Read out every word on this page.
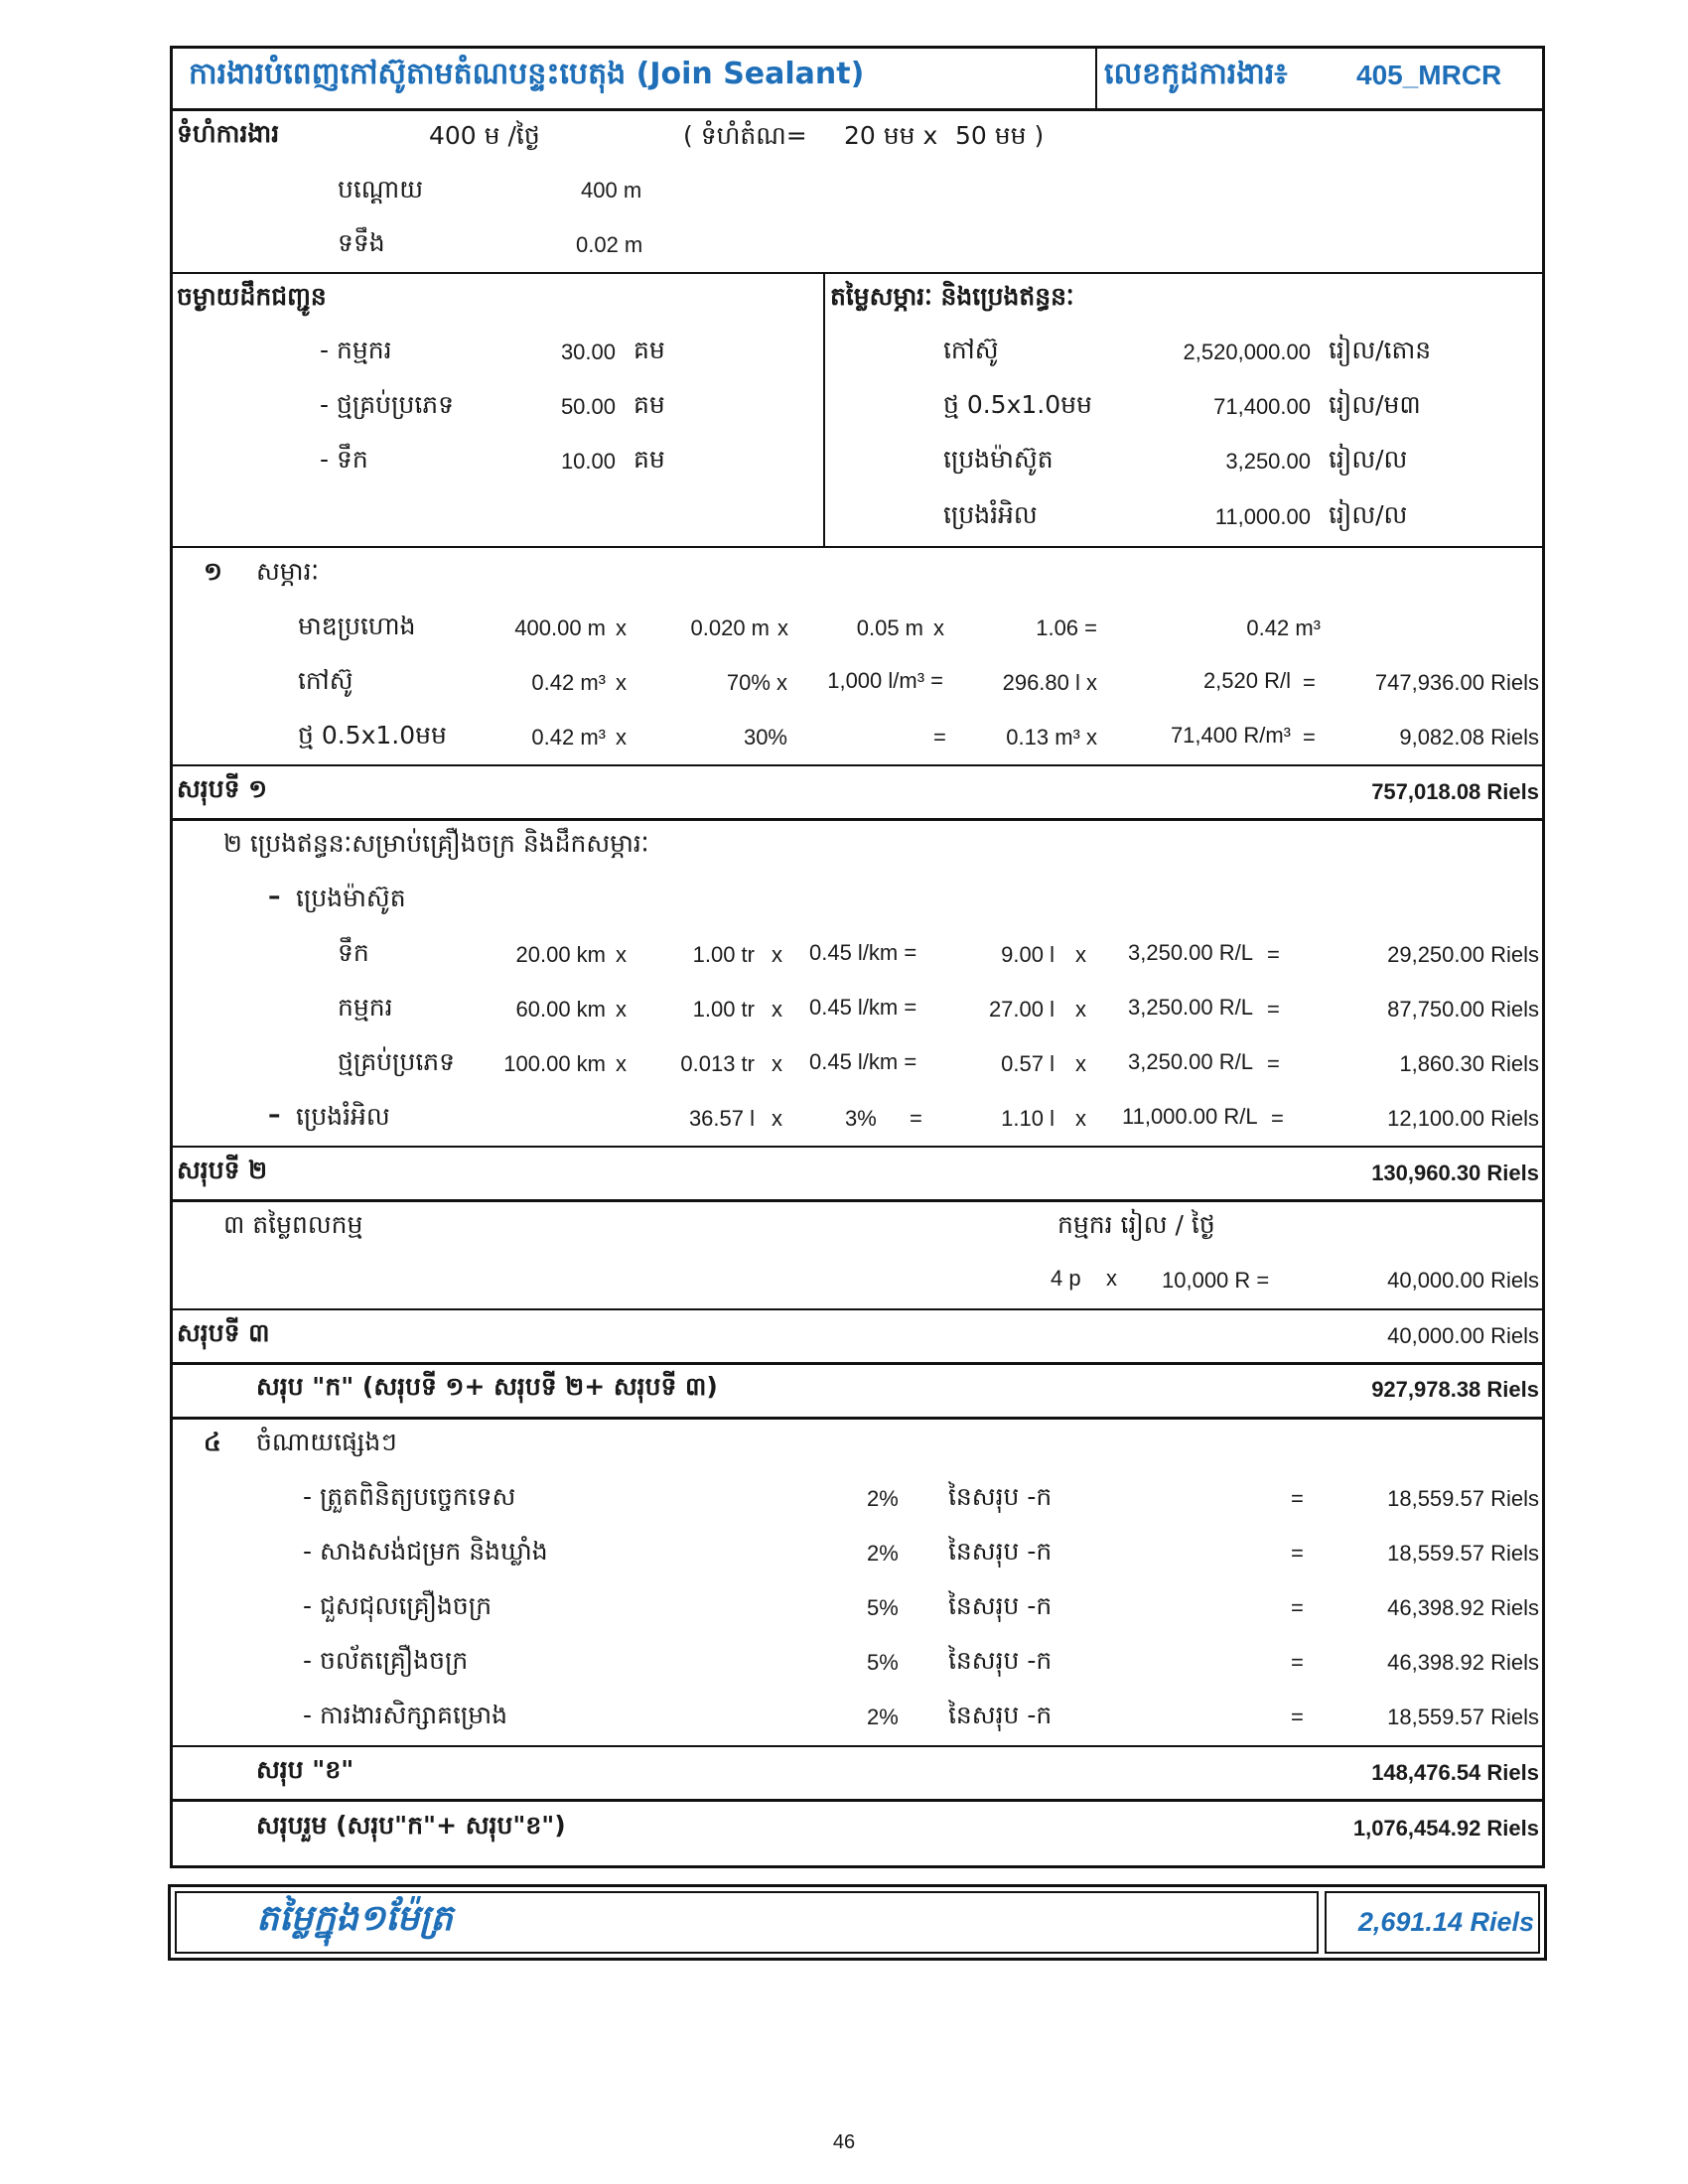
ការងារបំពេញកៅស៊ូតាមតំណបន្ទះបេតុង (Join Sealant)	លេខកូដការងារ៖ 405_MRCR
ទំហំការងារ	400 ម /ថ្ងៃ	( ទំហំតំណ= 20 មម x 50 មម )
បណ្ដោយ	400 m
ទទឹង	0.02 m
ចម្ងាយដឹកជញ្ជូន
- កម្មករ	30.00 គម
- ថ្មគ្រប់ប្រភេទ	50.00 គម
- ទឹក	10.00 គម
តម្លៃសម្ភារៈ និងប្រេងឥន្ធនៈ
កៅស៊ូ	2,520,000.00 រៀល/តោន
ថ្ម 0.5x1.0មម	71,400.00 រៀល/ម៣
ប្រេងម៉ាស៊ូត	3,250.00 រៀល/ល
ប្រេងរំអិល	11,000.00 រៀល/ល
១ សម្ភារៈ
មាឌប្រហោង	400.00 m x	0.020 m x	0.05 m x	1.06 =	0.42 m³
កៅស៊ូ	0.42 m³ x	70% x	1,000 l/m³ =	296.80 l x	2,520 R/l =	747,936.00 Riels
ថ្ម 0.5x1.0មម	0.42 m³ x	30%	=	0.13 m³ x	71,400 R/m³ =	9,082.08 Riels
សរុបទី ១	757,018.08 Riels
២ ប្រេងឥន្ធនៈសម្រាប់គ្រឿងចក្រ និងដឹកសម្ភារៈ
– ប្រេងម៉ាស៊ូត
ទឹក	20.00 km x	1.00 tr x 0.45 l/km =	9.00 l x 3,250.00 R/L =	29,250.00 Riels
កម្មករ	60.00 km x	1.00 tr x 0.45 l/km =	27.00 l x 3,250.00 R/L =	87,750.00 Riels
ថ្មគ្រប់ប្រភេទ	100.00 km x	0.013 tr x 0.45 l/km =	0.57 l x 3,250.00 R/L =	1,860.30 Riels
– ប្រេងរំអិល	36.57 l x	3% =	1.10 l x 11,000.00 R/L =	12,100.00 Riels
សរុបទី ២	130,960.30 Riels
៣ តម្លៃពលកម្ម	កម្មករ រៀល / ថ្ងៃ
4 p x 10,000 R =	40,000.00 Riels
សរុបទី ៣	40,000.00 Riels
សរុប "ក" (សរុបទី ១+ សរុបទី ២+ សរុបទី ៣)	927,978.38 Riels
៤ ចំណាយផ្សេងៗ
- ត្រួតពិនិត្យបច្ចេកទេស	2% នៃសរុប -ក	=	18,559.57 Riels
- សាងសង់ជម្រក និងឃ្លាំង	2% នៃសរុប -ក	=	18,559.57 Riels
- ជួសជុលគ្រឿងចក្រ	5% នៃសរុប -ក	=	46,398.92 Riels
- ចល័តគ្រឿងចក្រ	5% នៃសរុប -ក	=	46,398.92 Riels
- ការងារសិក្សាគម្រោង	2% នៃសរុប -ក	=	18,559.57 Riels
សរុប "ខ"	148,476.54 Riels
សរុបរួម (សរុប"ក"+ សរុប"ខ")	1,076,454.92 Riels
តម្លៃក្នុង១ម៉ែត្រ	2,691.14 Riels
46
